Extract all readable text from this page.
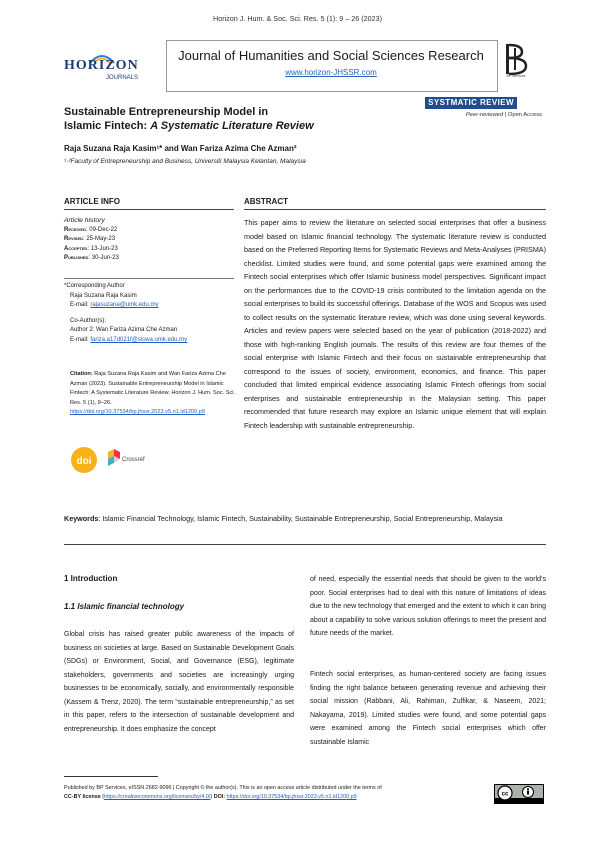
Horizon J. Hum. & Soc. Sci. Res. 5 (1): 9 – 26 (2023)
HORIZON
JOURNALS
Journal of Humanities and Social Sciences Research
www.horizon-JHSSR.com	BP Services
SYSTMATIC REVIEW
Peer-reviewed | Open Access
Sustainable Entrepreneurship Model in
Islamic Fintech: A Systematic Literature Review
Raja Suzana Raja Kasim¹* and Wan Fariza Azima Che Azman²
¹·²Faculty of Entrepreneurship and Business, Universiti Malaysia Kelantan, Malaysia
ARTICLE INFO	ABSTRACT
Article history
Received: 09-Dec-22
Revised: 25-May-23
Accepted: 13-Jun-23
Published: 30-Jun-23
*Corresponding Author
Raja Suzana Raja Kasim
E-mail: rajasuzana@umk.edu.my
Co-Author(s):
Author 2: Wan Fariza Azima Che Azman
E-mail: fariza.a17d021f@siswa.umk.edu.my
Citation: Raja Suzana Raja Kasim and Wan Fariza Azima Che Azman (2023). Sustainable Entrepreneurship Model in Islamic Fintech: A Systematic Literature Review. Horizon J. Hum. Soc. Sci. Res. 5 (1), 9–26. https://doi.org/10.37534/bp.jhssr.2023.v5.n1.id1200.p9
doi	Crossref
This paper aims to review the literature on selected social enterprises that offer a business model based on Islamic financial technology. The systematic literature review is conducted based on the Preferred Reporting Items for Systematic Reviews and Meta-Analyses (PRISMA) checklist. Limited studies were found, and some potential gaps were examined among the Fintech social enterprises which offer Islamic business model perspectives. Significant impact on the performances due to the COVID-19 crisis contributed to the limitation agenda on the social enterprises to build its successful offerings. Database of the WOS and Scopus was used to collect results on the systematic literature review, which was done using several keywords. Articles and review papers were selected based on the year of publication (2018-2022) and those with high-ranking English journals. The results of this review are four themes of the social enterprise with Islamic Fintech and their focus on sustainable entrepreneurship that correspond to the issues of society, environment, economics, and finance. This paper concluded that limited empirical evidence associating Islamic Fintech offerings from social enterprises and sustainable entrepreneurship in the Malaysian setting. This paper recommended that future research may explore an Islamic unique element that will explain Fintech leadership with sustainable entrepreneurship.
Keywords: Islamic Financial Technology, Islamic Fintech, Sustainability, Sustainable Entrepreneurship, Social Entrepreneurship, Malaysia
1 Introduction
1.1 Islamic financial technology
Global crisis has raised greater public awareness of the impacts of business on societies at large. Based on Sustainable Development Goals (SDGs) or Environment, Social, and Governance (ESG), legitimate stakeholders, governments and societies are increasingly urging businesses to be economically, socially, and environmentally responsible (Kassem & Trenz, 2020). The term “sustainable entrepreneurship,” as set in this paper, refers to the intersection of sustainable development and entrepreneurship. It does emphasize the concept
of need, especially the essential needs that should be given to the world’s poor. Social enterprises had to deal with this nature of limitations of ideas due to the new technology that emerged and the extent to which it can bring about a capability to solve various solution offerings to meet the present and future needs of the market.
Fintech social enterprises, as human-centered society are facing issues finding the right balance between generating revenue and achieving their social mission (Rabbani, Ali, Rahiman, Zulfikar, & Naseem, 2021; Nakayama, 2019). Limited studies were found, and some potential gaps were examined among the Fintech social enterprises which offer sustainable Islamic
Published by BP Services, eISSN.2682-9096 | Copyright © the author(s). This is an open access article distributed under the terms of
CC-BY license (https://creativecommons.org/licenses/by/4.0/) DOI: https://doi.org/10.37534/bp.jhssr.2023.v5.n1.id1200.p9	cc
